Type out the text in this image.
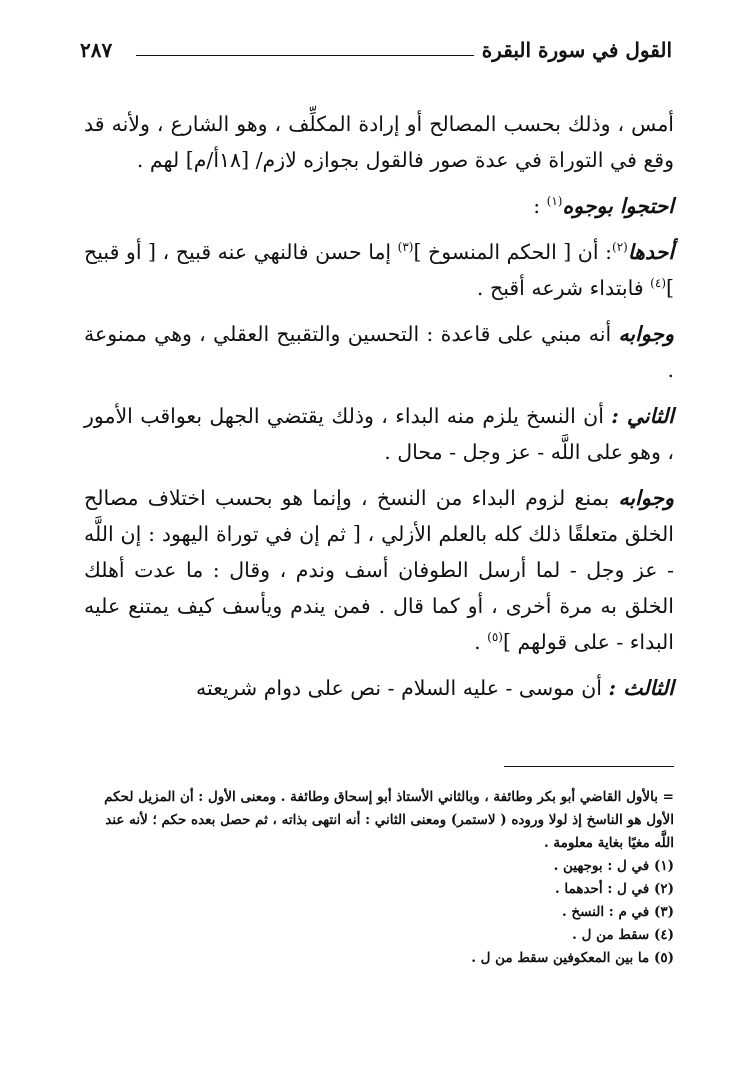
القول في سورة البقرة
٢٨٧

أمس ، وذلك بحسب المصالح أو إرادة المكلِّف ، وهو الشارع ، ولأنه قد وقع في التوراة في عدة صور فالقول بجوازه لازم/ [١٨أ/م] لهم .

احتجوا بوجوه$^{(١)}$ :

أحدها$^{(٢)}$: أن [ الحكم المنسوخ ]$^{(٣)}$ إما حسن فالنهي عنه قبيح ، [ أو قبيح ]$^{(٤)}$ فابتداء شرعه أقبح .

وجوابه أنه مبني على قاعدة : التحسين والتقبيح العقلي ، وهي ممنوعة .

الثاني : أن النسخ يلزم منه البداء ، وذلك يقتضي الجهل بعواقب الأمور ، وهو على اللَّه - عز وجل - محال .

وجوابه بمنع لزوم البداء من النسخ ، وإنما هو بحسب اختلاف مصالح الخلق متعلقًا ذلك كله بالعلم الأزلي ، [ ثم إن في توراة اليهود : إن اللَّه - عز وجل - لما أرسل الطوفان أسف وندم ، وقال : ما عدت أهلك الخلق به مرة أخرى ، أو كما قال . فمن يندم ويأسف كيف يمتنع عليه البداء - على قولهم ]$^{(٥)}$ .

الثالث : أن موسى - عليه السلام - نص على دوام شريعته

= بالأول القاضي أبو بكر وطائفة ، وبالثاني الأستاذ أبو إسحاق وطائفة . ومعنى الأول : أن المزيل لحكم الأول هو الناسخ إذ لولا وروده ( لاستمر) ومعنى الثاني : أنه انتهى بذاته ، ثم حصل بعده حكم ؛ لأنه عند اللَّه مغيًا بغاية معلومة .

(١) في ل : بوجهين .

(٢) في ل : أحدهما .

(٣) في م : النسخ .

(٤) سقط من ل .

(٥) ما بين المعكوفين سقط من ل .
